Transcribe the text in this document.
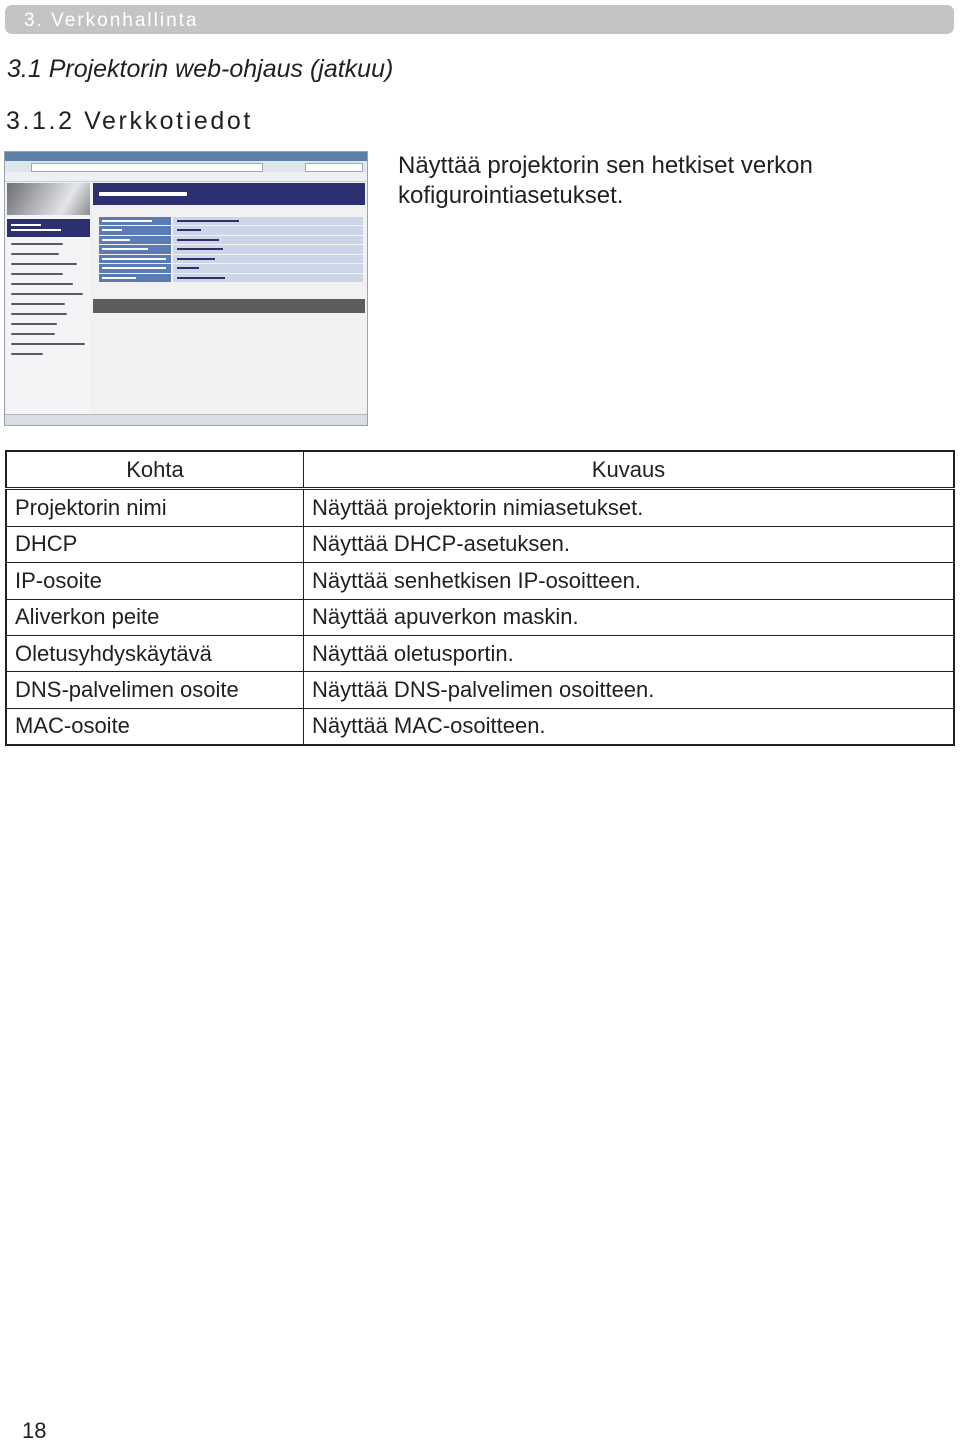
3. Verkonhallinta
3.1 Projektorin web-ohjaus (jatkuu)
3.1.2 Verkkotiedot
Näyttää projektorin sen hetkiset verkon kofigurointiasetukset.
Kohta	Kuvaus
Projektorin nimi	Näyttää projektorin nimiasetukset.
DHCP	Näyttää DHCP-asetuksen.
IP-osoite	Näyttää senhetkisen IP-osoitteen.
Aliverkon peite	Näyttää apuverkon maskin.
Oletusyhdyskäytävä	Näyttää oletusportin.
DNS-palvelimen osoite	Näyttää DNS-palvelimen osoitteen.
MAC-osoite	Näyttää MAC-osoitteen.
18
